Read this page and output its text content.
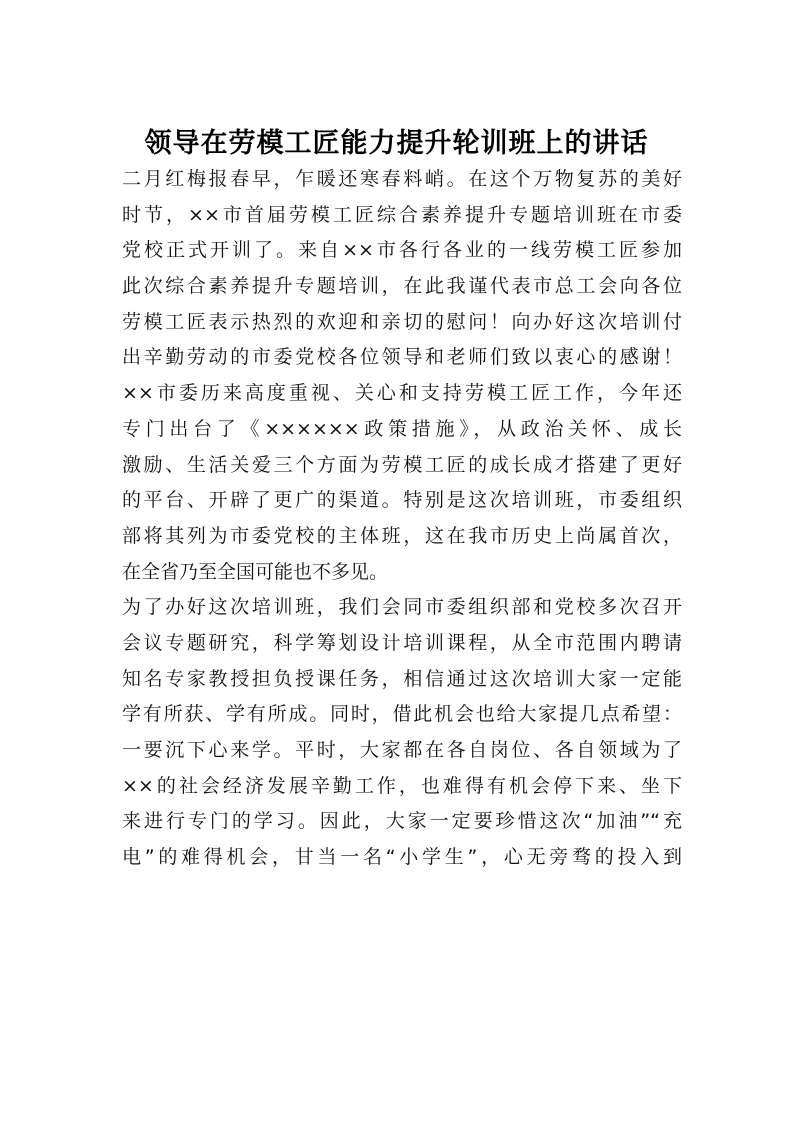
领导在劳模工匠能力提升轮训班上的讲话
二月红梅报春早，乍暖还寒春料峭。在这个万物复苏的美好
时节，××市首届劳模工匠综合素养提升专题培训班在市委
党校正式开训了。来自××市各行各业的一线劳模工匠参加
此次综合素养提升专题培训，在此我谨代表市总工会向各位
劳模工匠表示热烈的欢迎和亲切的慰问！向办好这次培训付
出辛勤劳动的市委党校各位领导和老师们致以衷心的感谢！
××市委历来高度重视、关心和支持劳模工匠工作，今年还
专门出台了《××××××政策措施》，从政治关怀、成长
激励、生活关爱三个方面为劳模工匠的成长成才搭建了更好
的平台、开辟了更广的渠道。特别是这次培训班，市委组织
部将其列为市委党校的主体班，这在我市历史上尚属首次，
在全省乃至全国可能也不多见。
为了办好这次培训班，我们会同市委组织部和党校多次召开
会议专题研究，科学筹划设计培训课程，从全市范围内聘请
知名专家教授担负授课任务，相信通过这次培训大家一定能
学有所获、学有所成。同时，借此机会也给大家提几点希望：
一要沉下心来学。平时，大家都在各自岗位、各自领域为了
××的社会经济发展辛勤工作，也难得有机会停下来、坐下
来进行专门的学习。因此，大家一定要珍惜这次“加油”“充
电”的难得机会，甘当一名“小学生”，心无旁骛的投入到
